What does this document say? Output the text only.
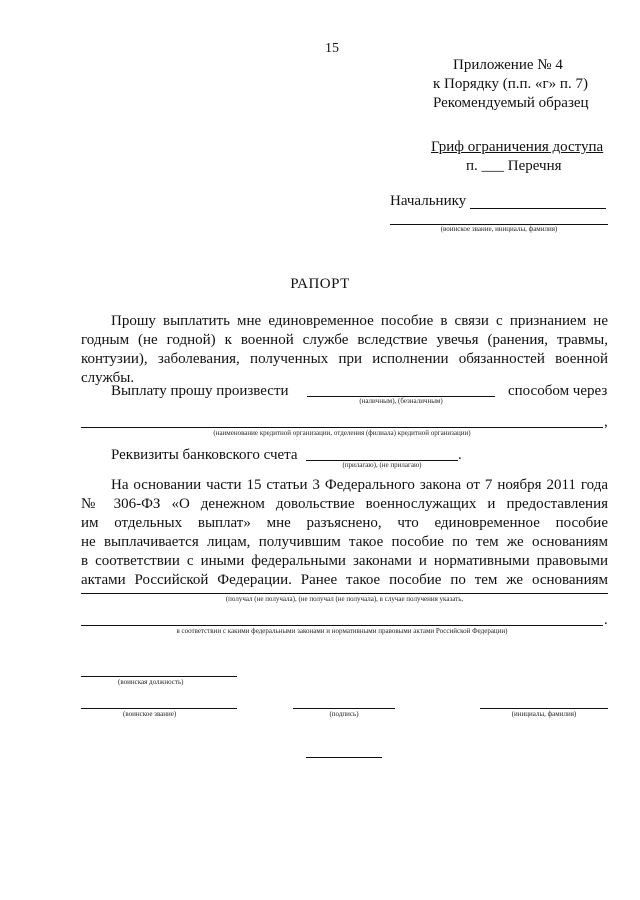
15
Приложение № 4
к Порядку (п.п. «г» п. 7)
Рекомендуемый образец
Гриф ограничения доступа
п. ___ Перечня
Начальнику
(воинское звание, инициалы, фамилия)
РАПОРТ
Прошу выплатить мне единовременное пособие в связи с признанием не годным (не годной) к военной службе вследствие увечья (ранения, травмы, контузии), заболевания, полученных при исполнении обязанностей военной службы.
Выплату прошу произвести
(наличным), (безналичным)
способом через
,
(наименование кредитной организации, отделения (филиала) кредитной организации)
Реквизиты банковского счета	.
(прилагаю), (не прилагаю)
На основании части 15 статьи 3 Федерального закона от 7 ноября 2011 года
№ 306-ФЗ «О денежном довольствие военнослужащих и предоставления
им отдельных выплат» мне разъяснено, что единовременное пособие
не выплачивается лицам, получившим такое пособие по тем же основаниям
в соответствии с иными федеральными законами и нормативными правовыми
актами Российской Федерации. Ранее такое пособие по тем же основаниям
(получал (не получала), (не получал (не получала), в случае получения указать,
.
в соответствии с какими федеральными законами и нормативными правовыми актами Российской Федерации)
(воинская должность)
(воинское звание)	(подпись)	(инициалы, фамилия)
